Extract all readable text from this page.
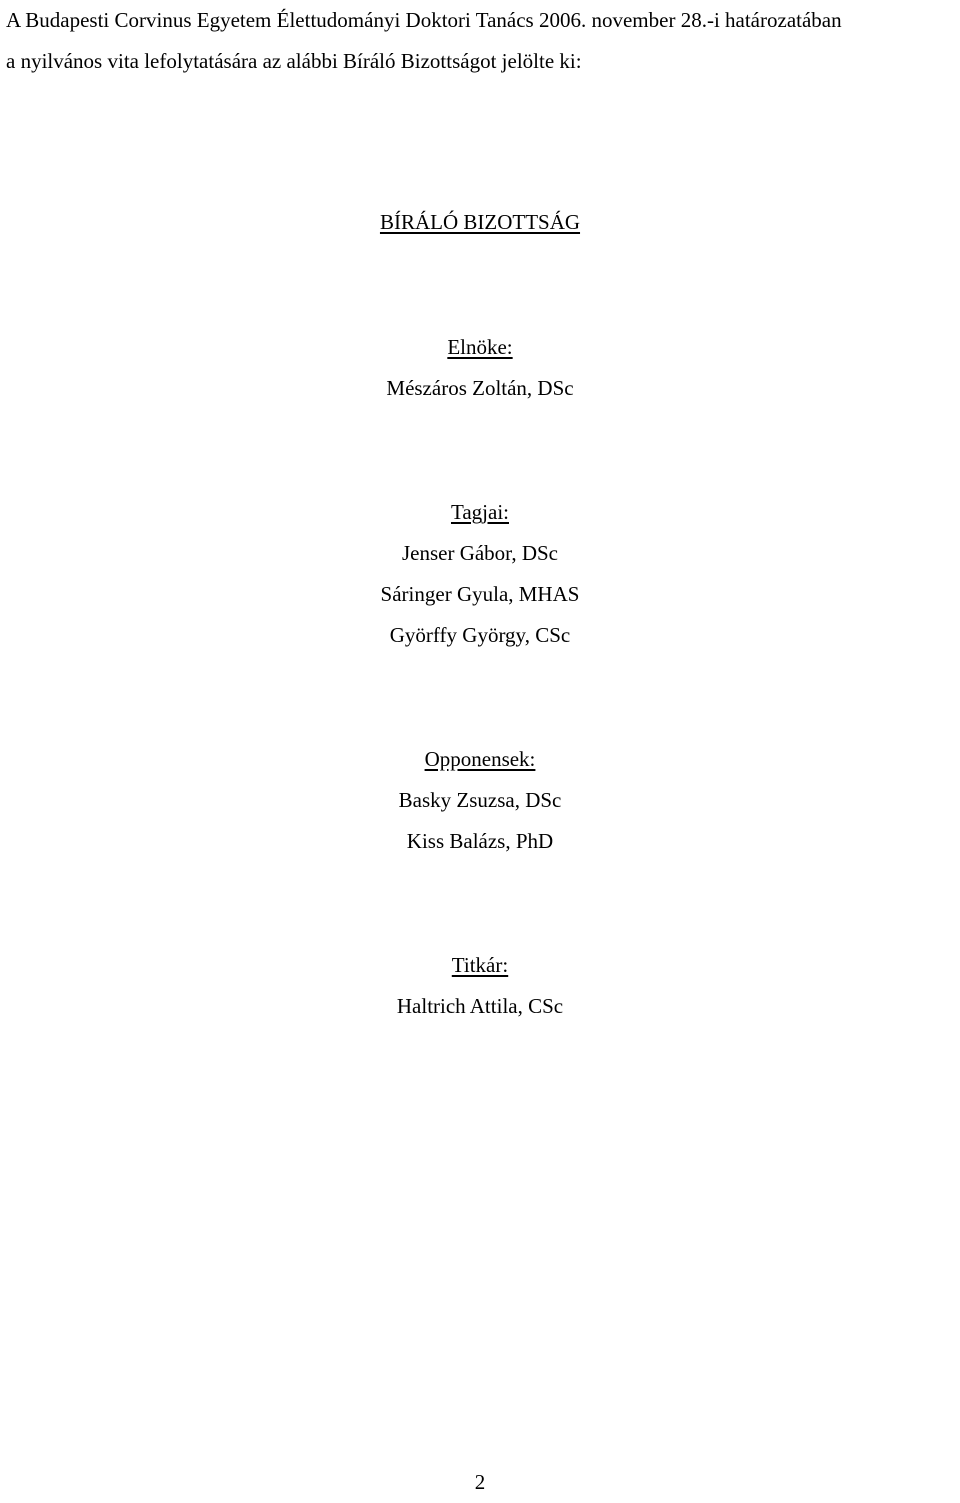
A Budapesti Corvinus Egyetem Élettudományi Doktori Tanács 2006. november 28.-i határozatában
a nyilvános vita lefolytatására az alábbi Bíráló Bizottságot jelölte ki:
BÍRÁLÓ BIZOTTSÁG
Elnöke:
Mészáros Zoltán, DSc
Tagjai:
Jenser Gábor, DSc
Sáringer Gyula, MHAS
Györffy György, CSc
Opponensek:
Basky Zsuzsa, DSc
Kiss Balázs, PhD
Titkár:
Haltrich Attila, CSc
2
